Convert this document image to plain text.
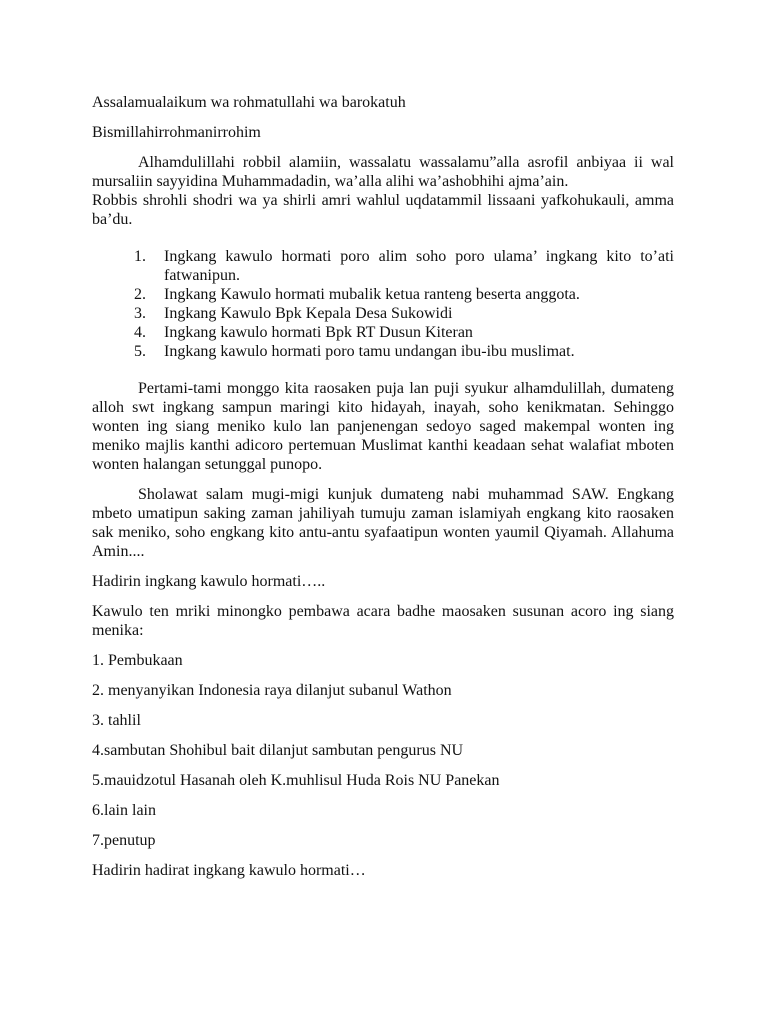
Assalamualaikum wa rohmatullahi wa barokatuh

Bismillahirrohmanirrohim

Alhamdulillahi robbil alamiin, wassalatu wassalamu”alla asrofil anbiyaa ii wal mursaliin sayyidina Muhammadadin, wa’alla alihi wa’ashobhihi ajma’ain.

Robbis shrohli shodri wa ya shirli amri wahlul uqdatammil lissaani yafkohukauli, amma ba’du.

1. Ingkang kawulo hormati poro alim soho poro ulama’ ingkang kito to’ati fatwanipun.
2. Ingkang Kawulo hormati mubalik ketua ranteng beserta anggota.
3. Ingkang Kawulo Bpk Kepala Desa Sukowidi
4. Ingkang kawulo hormati Bpk RT Dusun Kiteran
5. Ingkang kawulo hormati poro tamu undangan ibu-ibu muslimat.

Pertami-tami monggo kita raosaken puja lan puji syukur alhamdulillah, dumateng alloh swt ingkang sampun maringi kito hidayah, inayah, soho kenikmatan. Sehinggo wonten ing siang meniko kulo lan panjenengan sedoyo saged makempal wonten ing meniko majlis kanthi adicoro pertemuan Muslimat kanthi keadaan sehat walafiat mboten wonten halangan setunggal punopo.

Sholawat salam mugi-migi kunjuk dumateng nabi muhammad SAW. Engkang mbeto umatipun saking zaman jahiliyah tumuju zaman islamiyah engkang kito raosaken sak meniko, soho engkang kito antu-antu syafaatipun wonten yaumil Qiyamah. Allahuma Amin....

Hadirin ingkang kawulo hormati…..

Kawulo ten mriki minongko pembawa acara badhe maosaken susunan acoro ing siang menika:

1. Pembukaan

2. menyanyikan Indonesia raya dilanjut subanul Wathon

3. tahlil

4.sambutan Shohibul bait dilanjut sambutan pengurus NU

5.mauidzotul Hasanah oleh K.muhlisul Huda Rois NU Panekan

6.lain lain

7.penutup

Hadirin hadirat ingkang kawulo hormati…
